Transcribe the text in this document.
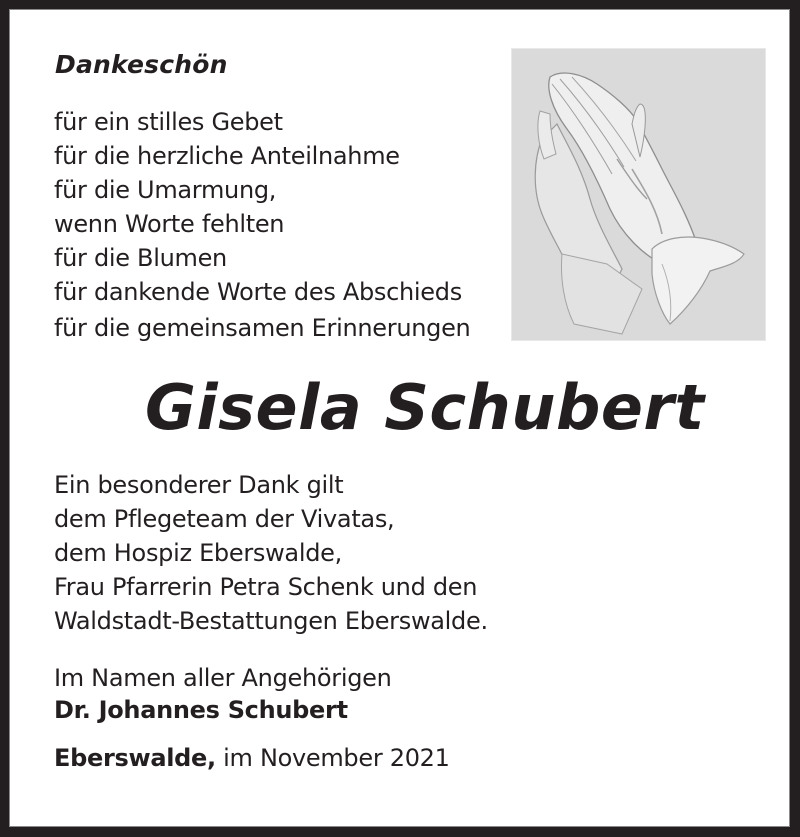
Dankeschön
für ein stilles Gebet
für die herzliche Anteilnahme
für die Umarmung,
wenn Worte fehlten
für die Blumen
für dankende Worte des Abschieds
für die gemeinsamen Erinnerungen
Gisela Schubert
Ein besonderer Dank gilt
dem Pflegeteam der Vivatas,
dem Hospiz Eberswalde,
Frau Pfarrerin Petra Schenk und den
Waldstadt-Bestattungen Eberswalde.
Im Namen aller Angehörigen
Dr. Johannes Schubert
Eberswalde, im November 2021
